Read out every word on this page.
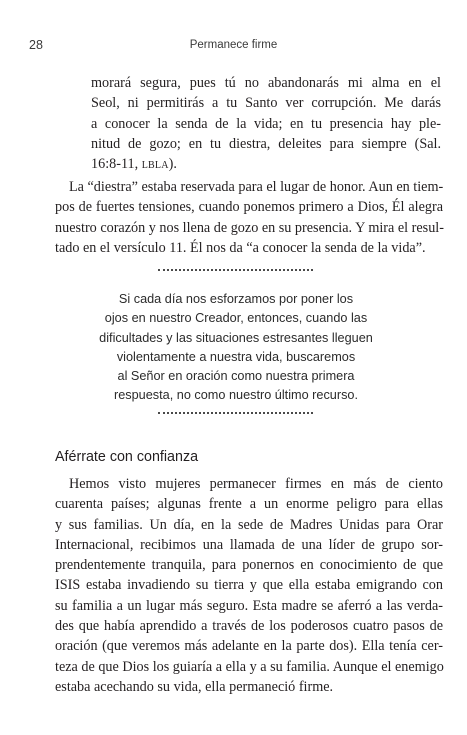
28	Permanece firme

morará segura, pues tú no abandonarás mi alma en el
Seol, ni permitirás a tu Santo ver corrupción. Me darás
a conocer la senda de la vida; en tu presencia hay ple-
nitud de gozo; en tu diestra, deleites para siempre (Sal.
16:8-11, lbla).

La “diestra” estaba reservada para el lugar de honor. Aun en tiem-
pos de fuertes tensiones, cuando ponemos primero a Dios, Él alegra
nuestro corazón y nos llena de gozo en su presencia. Y mira el resul-
tado en el versículo 11. Él nos da “a conocer la senda de la vida”.

Si cada día nos esforzamos por poner los
ojos en nuestro Creador, entonces, cuando las
dificultades y las situaciones estresantes lleguen
violentamente a nuestra vida, buscaremos
al Señor en oración como nuestra primera
respuesta, no como nuestro último recurso.

Aférrate con confianza

Hemos visto mujeres permanecer firmes en más de ciento
cuarenta países; algunas frente a un enorme peligro para ellas
y sus familias. Un día, en la sede de Madres Unidas para Orar
Internacional, recibimos una llamada de una líder de grupo sor-
prendentemente tranquila, para ponernos en conocimiento de que
ISIS estaba invadiendo su tierra y que ella estaba emigrando con
su familia a un lugar más seguro. Esta madre se aferró a las verda-
des que había aprendido a través de los poderosos cuatro pasos de
oración (que veremos más adelante en la parte dos). Ella tenía cer-
teza de que Dios los guiaría a ella y a su familia. Aunque el enemigo
estaba acechando su vida, ella permaneció firme.
